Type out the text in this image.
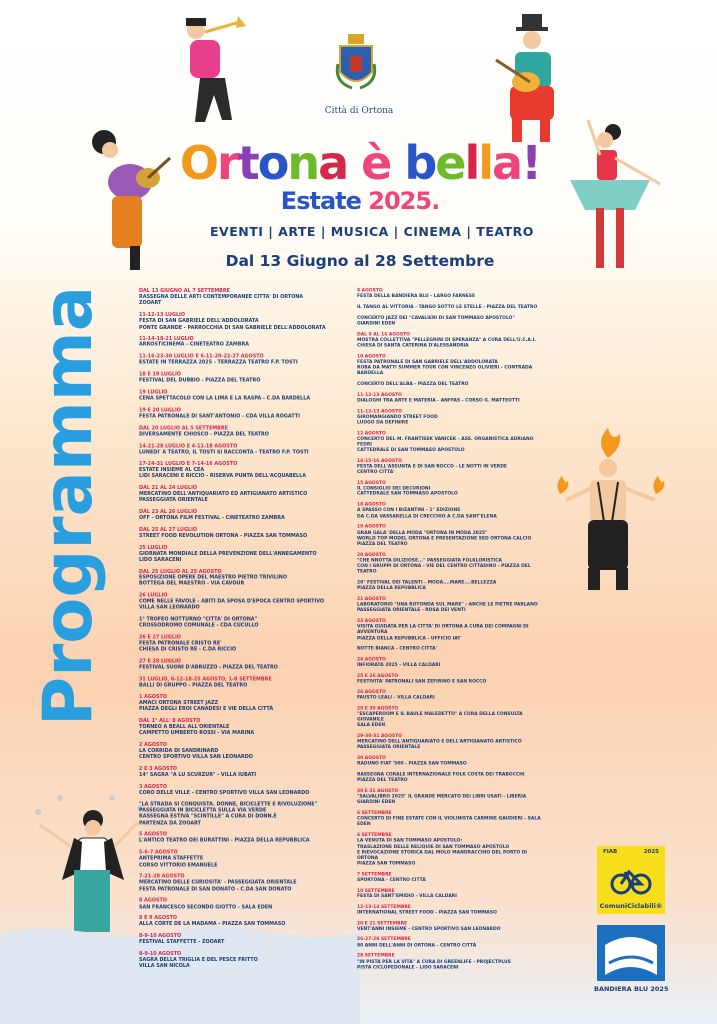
Città di Ortona
Ortona è bella!
Estate 2025.
EVENTI | ARTE | MUSICA | CINEMA | TEATRO
Dal 13 Giugno al 28 Settembre
Programma	DAL 13 GIUGNO AL 7 SETTEMBRE
RASSEGNA DELLE ARTI CONTEMPORANEE CITTA' DI ORTONA
ZOOART
11-12-13 LUGLIO
FESTA DI SAN GABRIELE DELL'ADDOLORATA
PONTE GRANDE - PARROCCHIA DI SAN GABRIELE DELL'ADDOLORATA
11-14-18-21 LUGLIO
ARROSTICINEMA - CINETEATRO ZAMBRA
11-16-23-30 LUGLIO E 6-11-20-22-27 AGOSTO
ESTATE IN TERRAZZA 2025 - TERRAZZA TEATRO F.P. TOSTI
18 E 19 LUGLIO
FESTIVAL DEL DUBBIO - PIAZZA DEL TEATRO
19 LUGLIO
CENA SPETTACOLO CON LA LIMA E LA RASPA - C.DA BARDELLA
19 E 20 LUGLIO
FESTA PATRONALE DI SANT'ANTONIO - CDA VILLA ROGATTI
DAL 20 LUGLIO AL 5 SETTEMBRE
DIVERSAMENTE CHIOSCO - PIAZZA DEL TEATRO
14-21-28 LUGLIO E 4-11-18 AGOSTO
LUNEDI' A TEATRO, IL TOSTI SI RACCONTA - TEATRO F.P. TOSTI
17-24-31 LUGLIO E 7-14-16 AGOSTO
ESTATE INSIEME AL CEA
LIDI SARACENI E RICCIO - RISERVA PUNTA DELL'ACQUABELLA
DAL 21 AL 24 LUGLIO
MERCATINO DELL'ANTIQUARIATO ED ARTIGIANATO ARTISTICO
PASSEGGIATA ORIENTALE
DAL 23 AL 26 LUGLIO
OFF - ORTONA FILM FESTIVAL - CINETEATRO ZAMBRA
DAL 25 AL 27 LUGLIO
STREET FOOD REVOLUTION ORTONA - PIAZZA SAN TOMMASO
25 LUGLIO
GIORNATA MONDIALE DELLA PREVENZIONE DELL'ANNEGAMENTO
LIDO SARACENI
DAL 25 LUGLIO AL 25 AGOSTO
ESPOSIZIONE OPERE DEL MAESTRO PIETRO TRIVILINO
BOTTEGA DEL MAESTRO - VIA CAVOUR
26 LUGLIO
COME NELLE FAVOLE - ABITI DA SPOSA D'EPOCA CENTRO SPORTIVO
VILLA SAN LEONARDO
1° TROFEO NOTTURNO "CITTA' DI ORTONA"
CROSSODROMO COMUNALE - CDA CUCULLO
26 E 27 LUGLIO
FESTA PATRONALE CRISTO RE'
CHIESA DI CRISTO RE - C.DA RICCIO
27 E 28 LUGLIO
FESTIVAL SUONI D'ABRUZZO - PIAZZA DEL TEATRO
31 LUGLIO, 6-12-18-25 AGOSTO, 1-8 SETTEMBRE
BALLI DI GRUPPO - PIAZZA DEL TEATRO
1 AGOSTO
AMACI ORTONA STREET JAZZ
PIAZZA DEGLI EROI CANADESI E VIE DELLA CITTÀ
DAL 1° ALL' 8 AGOSTO
TORNEO A BEALL ALL'ORIENTALE
CAMPETTO UMBERTO ROSSI - VIA MARINA
2 AGOSTO
LA CORRIDA DI SANDRINARD
CENTRO SPORTIVO VILLA SAN LEONARDO
2 E 3 AGOSTO
14° SAGRA "A LU SCURZUR" - VILLA IUBATI
3 AGOSTO
CORO DELLE VILLE - CENTRO SPORTIVO VILLA SAN LEONARDO
"LA STRADA SI CONQUISTA. DONNE, BICICLETTE E RIVOLUZIONE"
PASSEGGIATA IN BICICLETTA SULLA VIA VERDE
RASSEGNA ESTIVA "SCINTILLE" A CURA DI DONN.È
PARTENZA DA ZOOART
5 AGOSTO
L'ANTICO TEATRO DEI BURATTINI - PIAZZA DELLA REPUBBLICA
5-6-7 AGOSTO
ANTEPRIMA STAFFETTE
CORSO VITTORIO EMANUELE
7-21-28 AGOSTO
MERCATINO DELLE CURIOSITA' - PASSEGGIATA ORIENTALE
FESTA PATRONALE DI SAN DONATO - C.DA SAN DONATO
8 AGOSTO
SAN FRANCESCO SECONDO GIOTTO - SALA EDEN
8 E 9 AGOSTO
ALLA CORTE DE LA MADAMA - PIAZZA SAN TOMMASO
8-9-10 AGOSTO
FESTIVAL STAFFETTE - ZOOART
8-9-10 AGOSTO
SAGRA DELLA TRIGLIA E DEL PESCE FRITTO
VILLA SAN NICOLA
9 AGOSTO
FESTA DELLA BANDIERA BLU - LARGO FARNESE
IL TANGO AL VITTORIA - TANGO SOTTO LE STELLE - PIAZZA DEL TEATRO
CONCERTO JAZZ DEI "CAVALIERI DI SAN TOMMASO APOSTOLO"
GIARDINI EDEN
DAL 9 AL 16 AGOSTO
MOSTRA COLLETTIVA "PELLEGRINI DI SPERANZA" A CURA DELL'U.C.A.I.
CHIESA DI SANTA CATERINA D'ALESSANDRIA
10 AGOSTO
FESTA PATRONALE DI SAN GABRIELE DELL'ADDOLORATA
ROBA DA MATTI SUMMER TOUR CON VINCENZO OLIVIERI - CONTRADA BARDELLA
CONCERTO DELL'ALBA - PIAZZA DEL TEATRO
11-12-13 AGOSTO
DIALOGHI TRA ARTE E MATERIA - ANFFAS - CORSO G. MATTEOTTI
11-12-13 AGOSTO
GIROMANGIANDO STREET FOOD
LUOGO DA DEFINIRE
12 AGOSTO
CONCERTO DEL M. FRANTISEK VANICEK - ASS. ORGANISTICA ADRIANO FEDRI
CATTEDRALE DI SAN TOMMASO APOSTOLO
14-15-16 AGOSTO
FESTA DELL'ASSUNTA E DI SAN ROCCO - LE NOTTI IN VERDE
CENTRO CITTA'
15 AGOSTO
IL CONSIGLIO DEI DECURIONI
CATTEDRALE SAN TOMMASO APOSTOLO
18 AGOSTO
A SPASSO CON I BIZANTINI - 1° EDIZIONE
DA C.DA VASSARELLA DI CRECCHIO A C.DA SANT'ELENA
19 AGOSTO
GRAN GALA' DELLA MODA "ORTONA IN MODA 2025"
WORLD TOP MODEL ORTONA E PRESENTAZIONE SSD ORTONA CALCIO
PIAZZA DEL TEATRO
20 AGOSTO
"CHE NNOTTA DILIZIOSE..." PASSEGGIATA FOLKLORISTICA
CON I GRUPPI DI ORTONA - VIE DEL CENTRO CITTADINO - PIAZZA DEL TEATRO
20° FESTIVAL DEI TALENTI - MODA....MARE....BELLEZZA
PIAZZA DELLA REPUBBLICA
21 AGOSTO
LABORATORIO "UNA ROTONDA SUL MARE" : ANCHE LE PIETRE PARLANO
PASSEGGIATA ORIENTALE - ROSA DEI VENTI
23 AGOSTO
VISITA GUIDATA PER LA CITTA' DI ORTONA A CURA DEI COMPAGNI DI AVVENTURA
PIAZZA DELLA REPUBBLICA - UFFICIO IAT
NOTTE BIANCA - CENTRO CITTA'
24 AGOSTO
INFIORATA 2025 - VILLA CALDARI
25 E 26 AGOSTO
FESTIVITA' PATRONALI SAN ZEFIRINO E SAN ROCCO
26 AGOSTO
FAUSTO LEALI - VILLA CALDARI
29 E 30 AGOSTO
"ESCAPEROOM E IL BAULE MALEDETTO" A CURA DELLA CONSULTA GIOVANILE
SALA EDEN
29-30-31 AGOSTO
MERCATINO DELL'ANTIQUARIATO E DELL'ARTIGIANATO ARTISTICO
PASSEGGIATA ORIENTALE
30 AGOSTO
RADUNO FIAT '500 - PIAZZA SAN TOMMASO
RASSEGNA CORALE INTERNAZIONALE FOLK COSTA DEI TRABOCCHI
PIAZZA DEL TEATRO
30 E 31 AGOSTO
"SALVALIBRO 2025" IL GRANDE MERCATO DEI LIBRI USATI - LIBERIA
GIARDINI EDEN
6 SETTEMBRE
CONCERTO DI FINE ESTATE CON IL VIOLINISTA CARMINE GAUDIERI - SALA EDEN
6 SETTEMBRE
LA VENUTA DI SAN TOMMASO APOSTOLO:
TRASLAZIONE DELLE RELIQUIE DI SAN TOMMASO APOSTOLO
E RIEVOCAZIONE STORICA DAL MOLO MANDRACCHIO DEL PORTO DI ORTONA
PIAZZA SAN TOMMASO
7 SETTEMBRE
SPORTONA - CENTRO CITTÀ
10 SETTEMBRE
FESTA DI SANT'EMIDIO - VILLA CALDARI
12-13-14 SETTEMBRE
INTERNATIONAL STREET FOOD - PIAZZA SAN TOMMASO
20 E 21 SETTEMBRE
VENT'ANNI INSIEME - CENTRO SPORTIVO SAN LEONARDO
26-27-28 SETTEMBRE
90 ANNI DELL'ANNI DI ORTONA - CENTRO CITTÀ
28 SETTEMBRE
"IN PISTA PER LA VITA" A CURA DI GREENLIFE - PROJECTPLUS
PISTA CICLOPEDONALE - LIDO SARACENI
FIAB	2025
ComuniCiclabili®
BANDIERA BLU 2025
